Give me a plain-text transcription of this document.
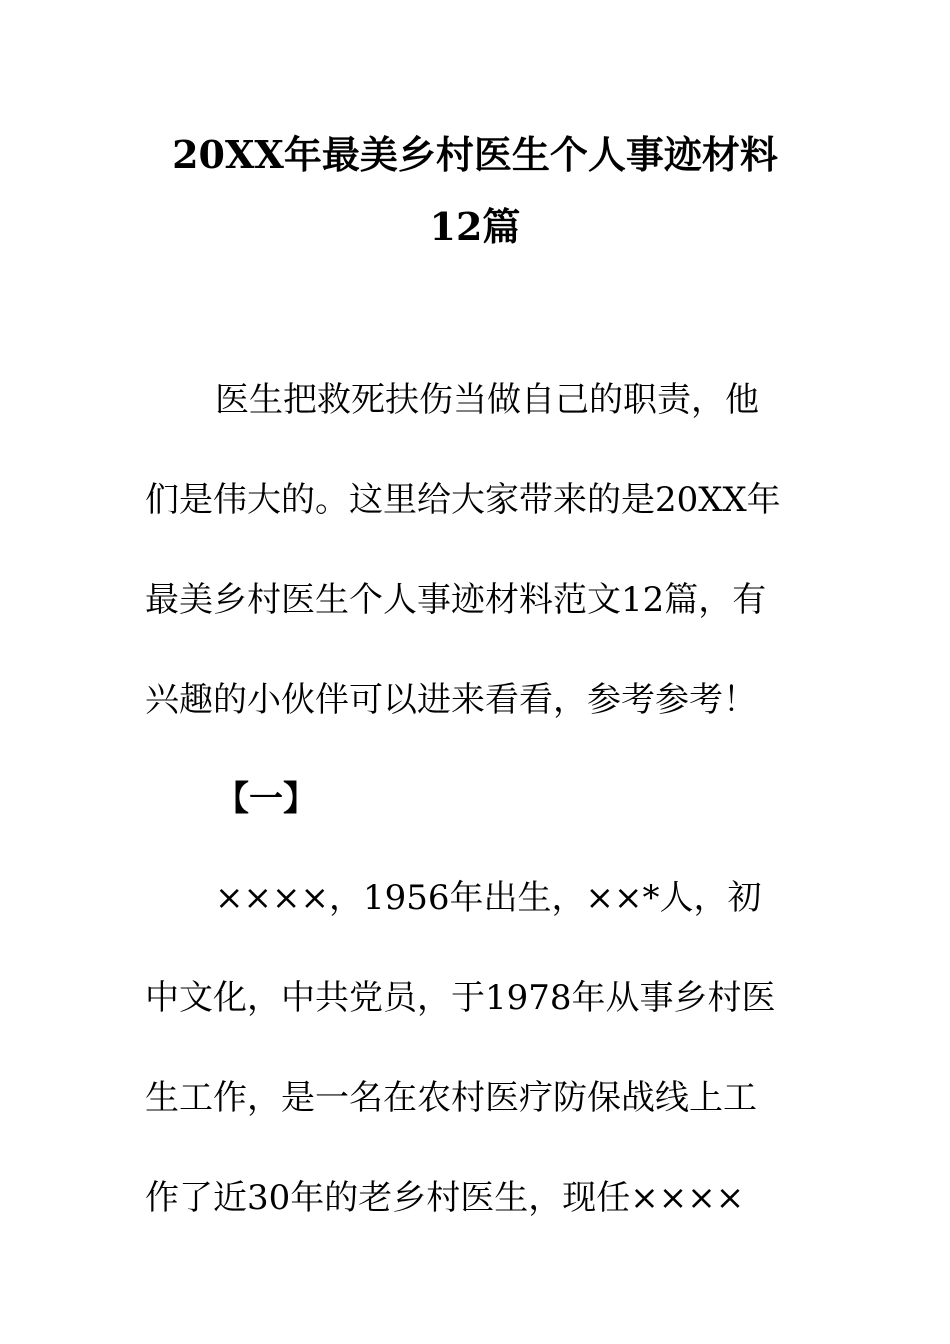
20XX年最美乡村医生个人事迹材料
12篇
医生把救死扶伤当做自己的职责，他
们是伟大的。这里给大家带来的是20XX年
最美乡村医生个人事迹材料范文12篇，有
兴趣的小伙伴可以进来看看，参考参考！
【一】
××××，1956年出生，××*人，初
中文化，中共党员，于1978年从事乡村医
生工作，是一名在农村医疗防保战线上工
作了近30年的老乡村医生，现任××××
